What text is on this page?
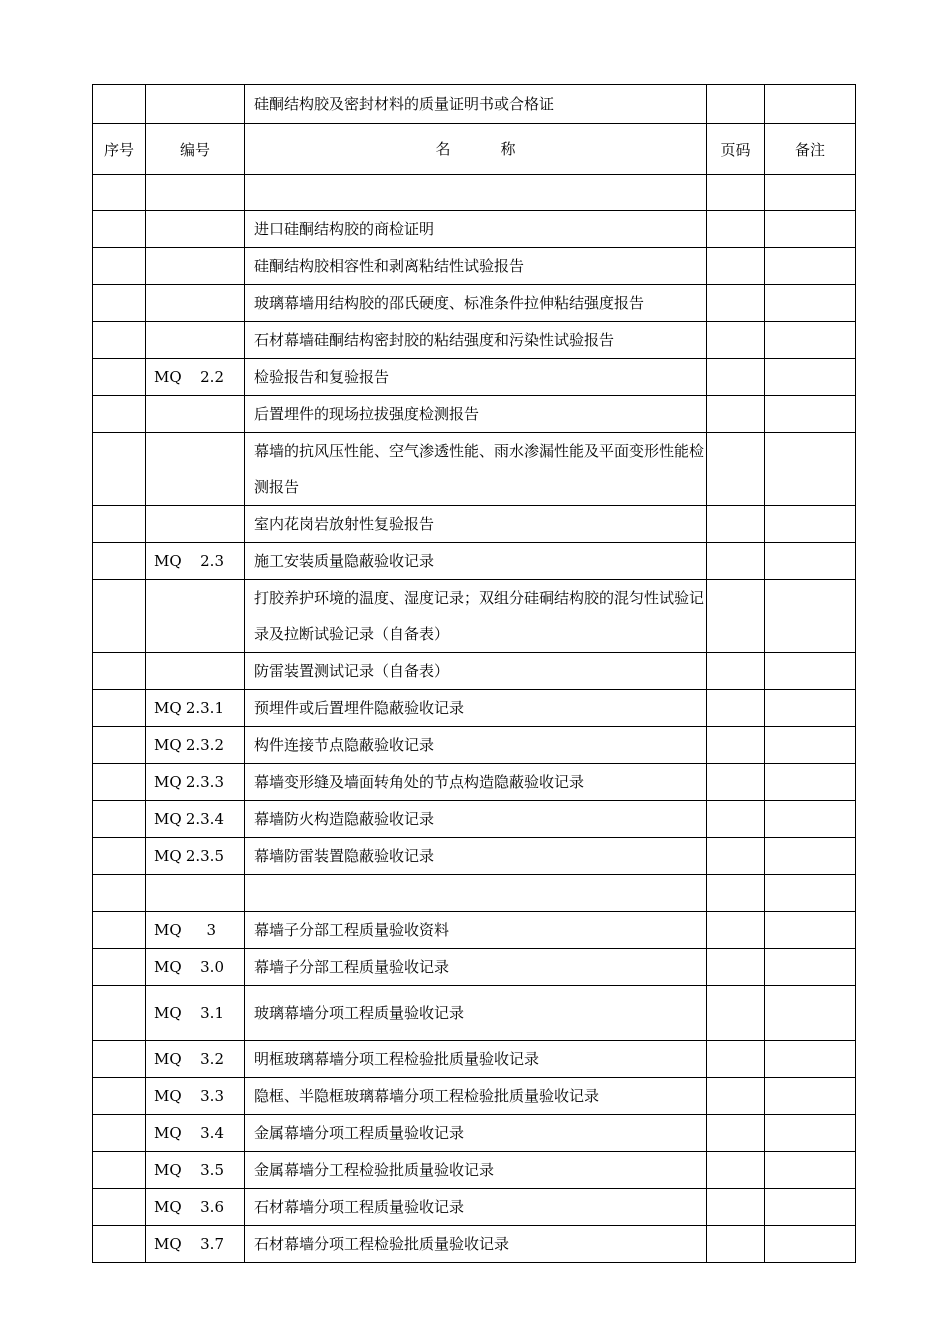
		硅酮结构胶及密封材料的质量证明书或合格证		
序号	编号	名 称	页码	备注

	进口硅酮结构胶的商检证明		

	硅酮结构胶相容性和剥离粘结性试验报告		

	玻璃幕墙用结构胶的邵氏硬度、标准条件拉伸粘结强度报告		

	石材幕墙硅酮结构密封胶的粘结强度和污染性试验报告		

	MQ 2.2	检验报告和复验报告		

	后置埋件的现场拉拔强度检测报告		

	幕墙的抗风压性能、空气渗透性能、雨水渗漏性能及平面变形性能检测报告		

	室内花岗岩放射性复验报告		

	MQ 2.3	施工安装质量隐蔽验收记录		

	打胶养护环境的温度、湿度记录；双组分硅硐结构胶的混匀性试验记录及拉断试验记录（自备表）		

	防雷装置测试记录（自备表）		

	MQ 2.3.1	预埋件或后置埋件隐蔽验收记录		

	MQ 2.3.2	构件连接节点隐蔽验收记录		

	MQ 2.3.3	幕墙变形缝及墙面转角处的节点构造隐蔽验收记录		

	MQ 2.3.4	幕墙防火构造隐蔽验收记录		

	MQ 2.3.5	幕墙防雷装置隐蔽验收记录		

	MQ 3	幕墙子分部工程质量验收资料		

	MQ 3.0	幕墙子分部工程质量验收记录		

	MQ 3.1	玻璃幕墙分项工程质量验收记录		

	MQ 3.2	明框玻璃幕墙分项工程检验批质量验收记录		

	MQ 3.3	隐框、半隐框玻璃幕墙分项工程检验批质量验收记录		

	MQ 3.4	金属幕墙分项工程质量验收记录		

	MQ 3.5	金属幕墙分工程检验批质量验收记录		

	MQ 3.6	石材幕墙分项工程质量验收记录		

	MQ 3.7	石材幕墙分项工程检验批质量验收记录		
